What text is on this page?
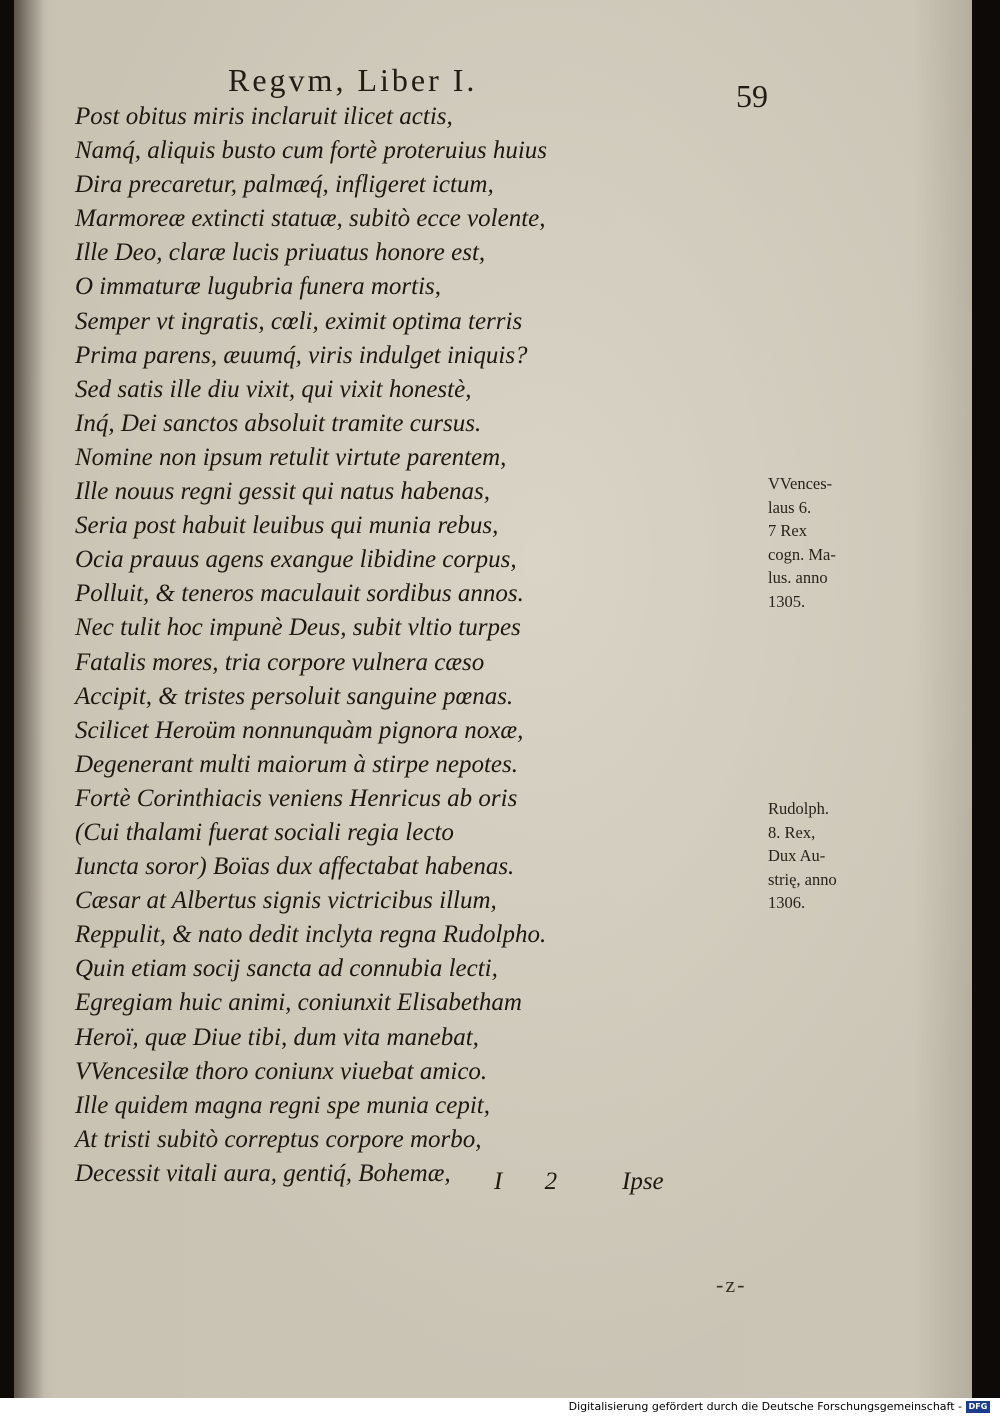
Regvm, Liber I.	59
Post obitus miris inclaruit ilicet actis,
Namq́, aliquis busto cum fortè proteruius huius
Dira precaretur, palmæq́, infligeret ictum,
Marmoreæ extincti statuæ, subitò ecce volente,
Ille Deo, claræ lucis priuatus honore est,
O immaturæ lugubria funera mortis,
Semper vt ingratis, cœli, eximit optima terris
Prima parens, æuumq́, viris indulget iniquis?
Sed satis ille diu vixit, qui vixit honestè,
Inq́, Dei sanctos absoluit tramite cursus.
Nomine non ipsum retulit virtute parentem,
Ille nouus regni gessit qui natus habenas,
Seria post habuit leuibus qui munia rebus,
Ocia prauus agens exangue libidine corpus,
Polluit, & teneros maculauit sordibus annos.
Nec tulit hoc impunè Deus, subit vltio turpes
Fatalis mores, tria corpore vulnera cæso
Accipit, & tristes persoluit sanguine pœnas.
Scilicet Heroüm nonnunquàm pignora noxæ,
Degenerant multi maiorum à stirpe nepotes.
Fortè Corinthiacis veniens Henricus ab oris
(Cui thalami fuerat sociali regia lecto
Iuncta soror) Boïas dux affectabat habenas.
Cæsar at Albertus signis victricibus illum,
Reppulit, & nato dedit inclyta regna Rudolpho.
Quin etiam socij sancta ad connubia lecti,
Egregiam huic animi, coniunxit Elisabetham
Heroï, quæ Diue tibi, dum vita manebat,
VVencesilæ thoro coniunx viuebat amico.
Ille quidem magna regni spe munia cepit,
At tristi subitò correptus corpore morbo,
Decessit vitali aura, gentiq́, Bohemæ,
VVences-
laus 6.
7 Rex
cogn. Ma-
lus. anno
1305.
Rudolph.
8. Rex,
Dux Au-
strię, anno
1306.
I 2 Ipse
-z-
Digitalisierung gefördert durch die Deutsche Forschungsgemeinschaft - DFG
